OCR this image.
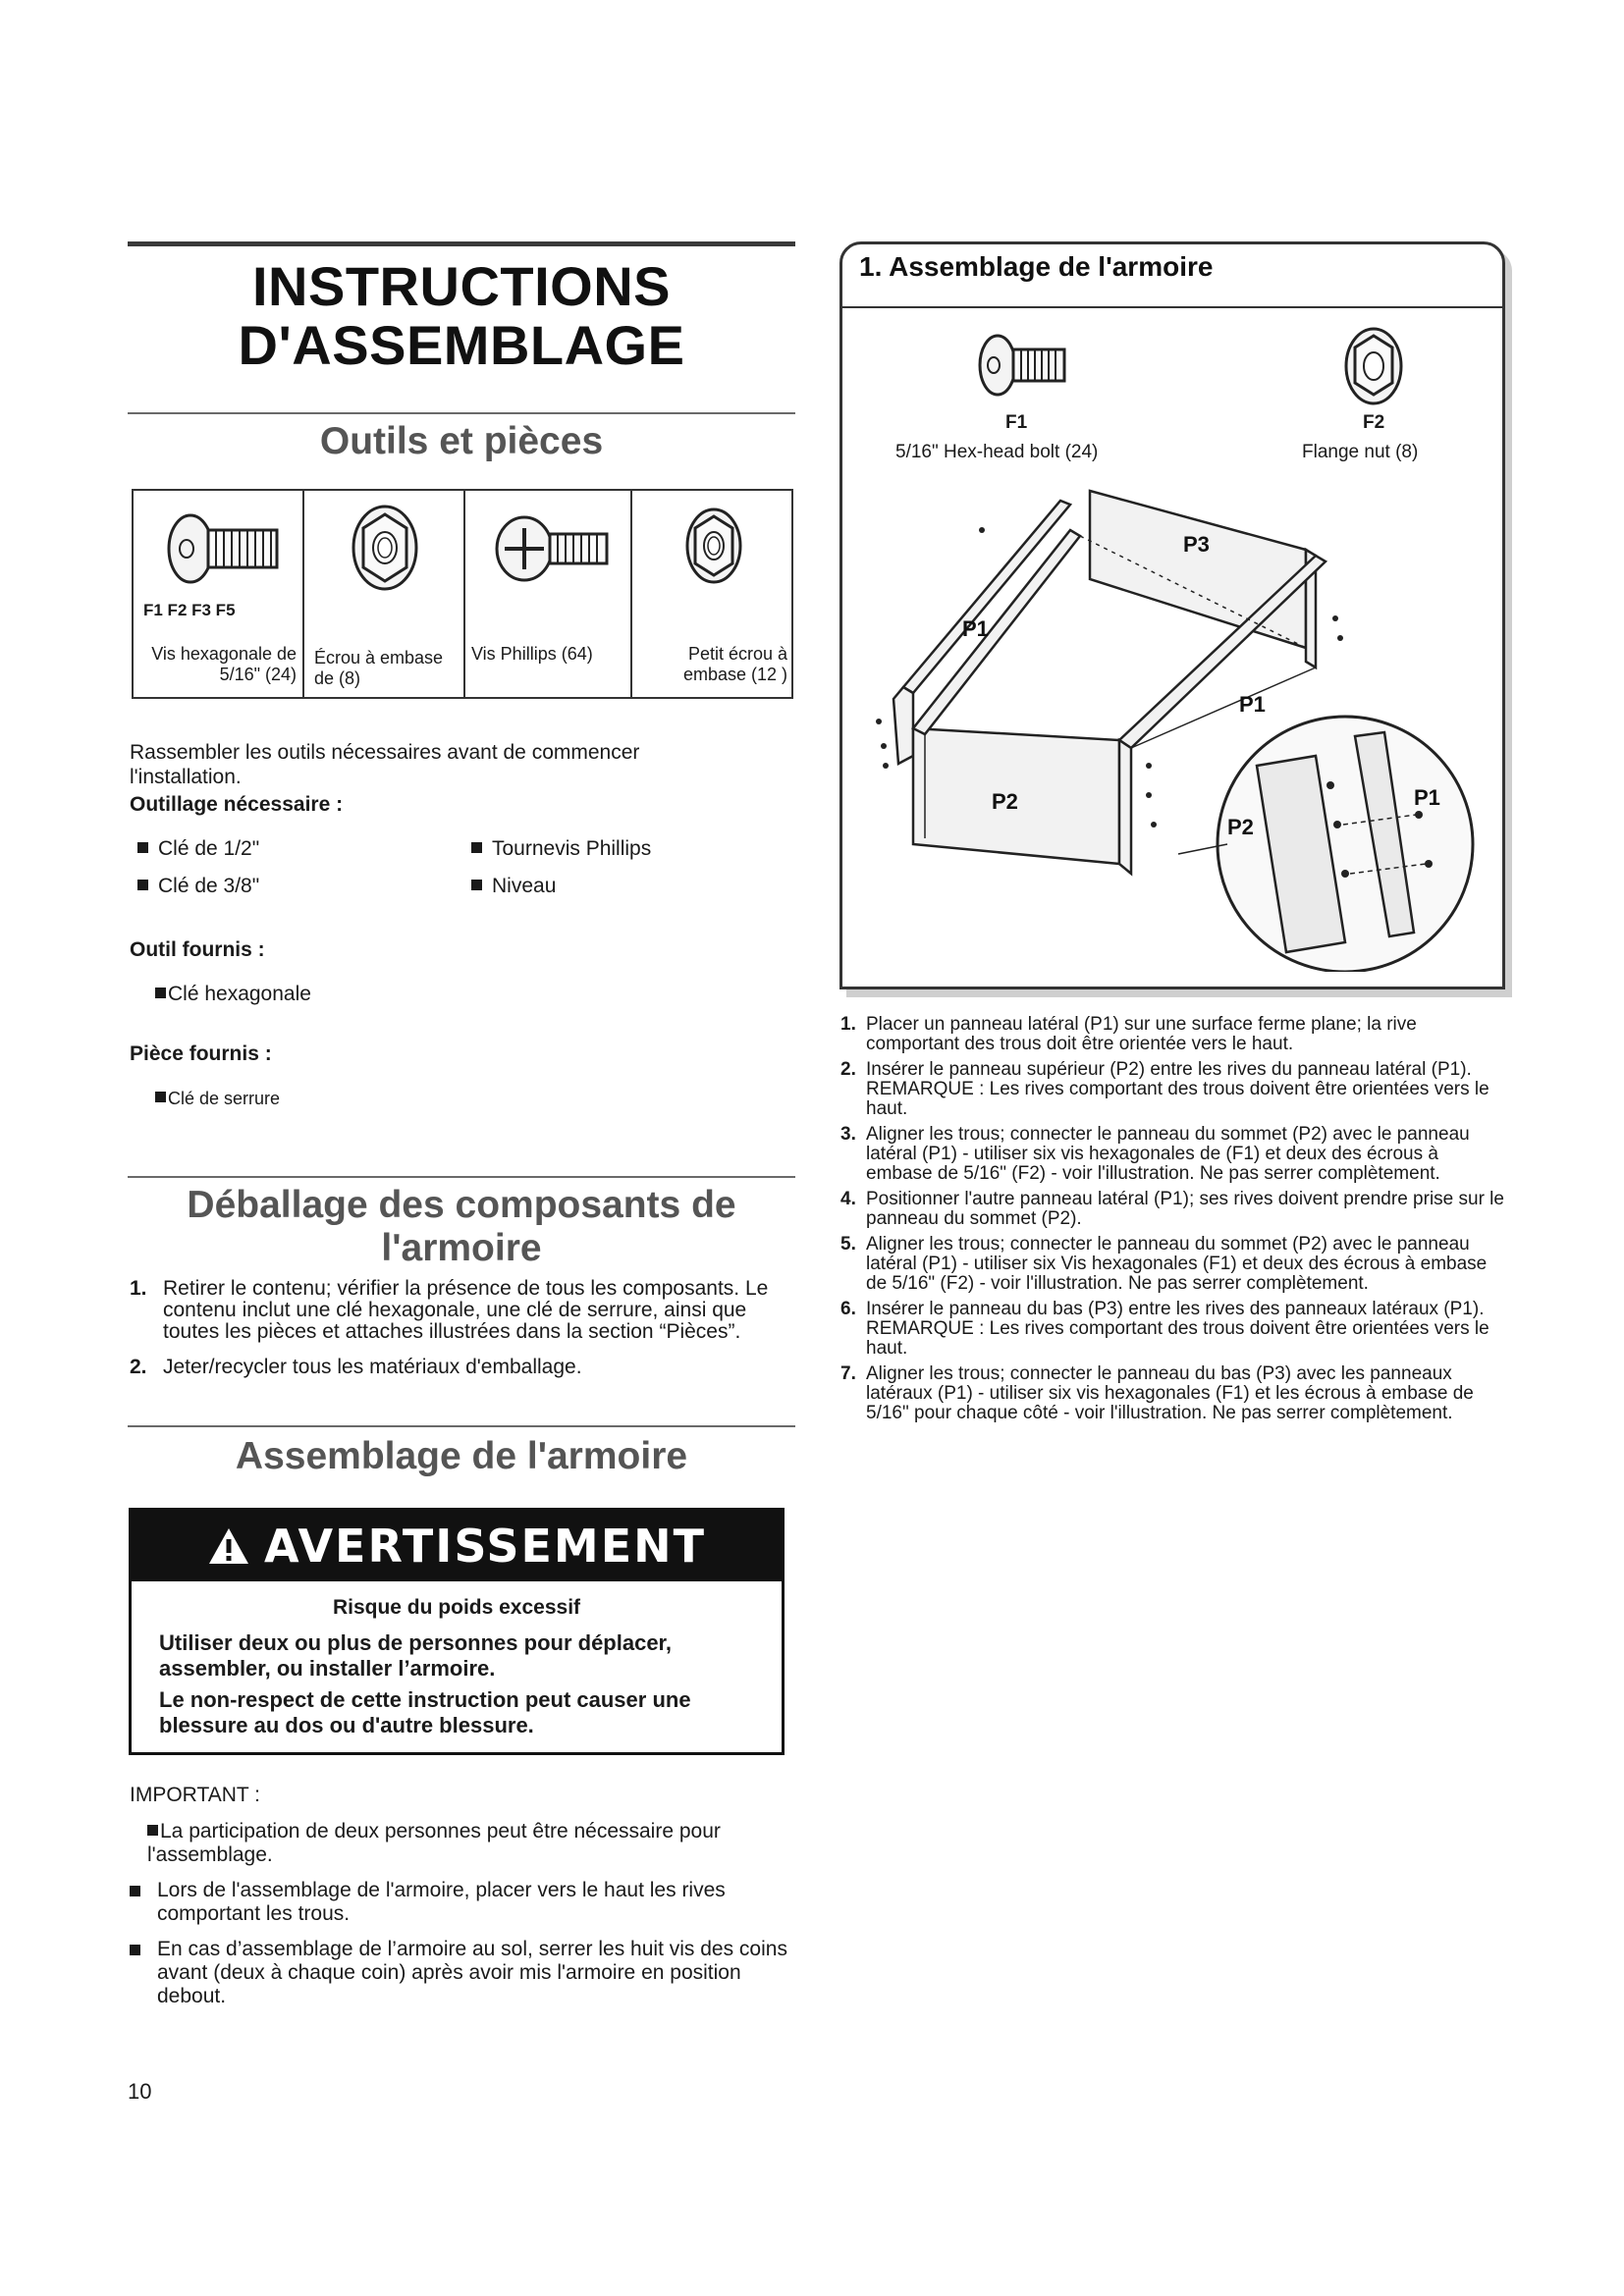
INSTRUCTIONS
D'ASSEMBLAGE
Outils et pièces
F1 F2 F3 F5
Vis hexagonale de 5/16" (24)
Écrou à embase de (8)
Vis Phillips (64)	Petit écrou à embase (12 )
Rassembler les outils nécessaires avant de commencer l'installation.
Outillage nécessaire :
Clé de 1/2"
Clé de 3/8"
Tournevis Phillips
Niveau
Outil fournis :
Clé hexagonale
Pièce fournis :
Clé de serrure
Déballage des composants de
l'armoire
1. Retirer le contenu; vérifier la présence de tous les composants. Le contenu inclut une clé hexagonale, une clé de serrure, ainsi que toutes les pièces et attaches illustrées dans la section “Pièces”.
2. Jeter/recycler tous les matériaux d'emballage.
Assemblage de l'armoire
AVERTISSEMENT
Risque du poids excessif
Utiliser deux ou plus de personnes pour déplacer, assembler, ou installer l’armoire.
Le non-respect de cette instruction peut causer une blessure au dos ou d'autre blessure.
IMPORTANT :
La participation de deux personnes peut être nécessaire pour l'assemblage.
Lors de l'assemblage de l'armoire, placer vers le haut les rives comportant les trous.
En cas d’assemblage de l’armoire au sol, serrer les huit vis des coins avant (deux à chaque coin) après avoir mis l'armoire en position debout.
10
1. Assemblage de l'armoire
F1
5/16" Hex-head bolt (24)
F2
Flange nut (8)
P3
P1
P1
P2
P2
P1
1. Placer un panneau latéral (P1) sur une surface ferme plane; la rive comportant des trous doit être orientée vers le haut.
2. Insérer le panneau supérieur (P2) entre les rives du panneau latéral (P1).
REMARQUE : Les rives comportant des trous doivent être orientées vers le haut.
3. Aligner les trous; connecter le panneau du sommet (P2) avec le panneau latéral (P1) - utiliser six vis hexagonales de (F1) et deux des écrous à embase de 5/16" (F2) - voir l'illustration. Ne pas serrer complètement.
4. Positionner l'autre panneau latéral (P1); ses rives doivent prendre prise sur le panneau du sommet (P2).
5. Aligner les trous; connecter le panneau du sommet (P2) avec le panneau latéral (P1) - utiliser six Vis hexagonales (F1) et deux des écrous à embase de 5/16" (F2) - voir l'illustration. Ne pas serrer complètement.
6. Insérer le panneau du bas (P3) entre les rives des panneaux latéraux (P1).
REMARQUE : Les rives comportant des trous doivent être orientées vers le haut.
7. Aligner les trous; connecter le panneau du bas (P3) avec les panneaux latéraux (P1) - utiliser six vis hexagonales (F1) et les écrous à embase de 5/16" pour chaque côté - voir l'illustration. Ne pas serrer complètement.
